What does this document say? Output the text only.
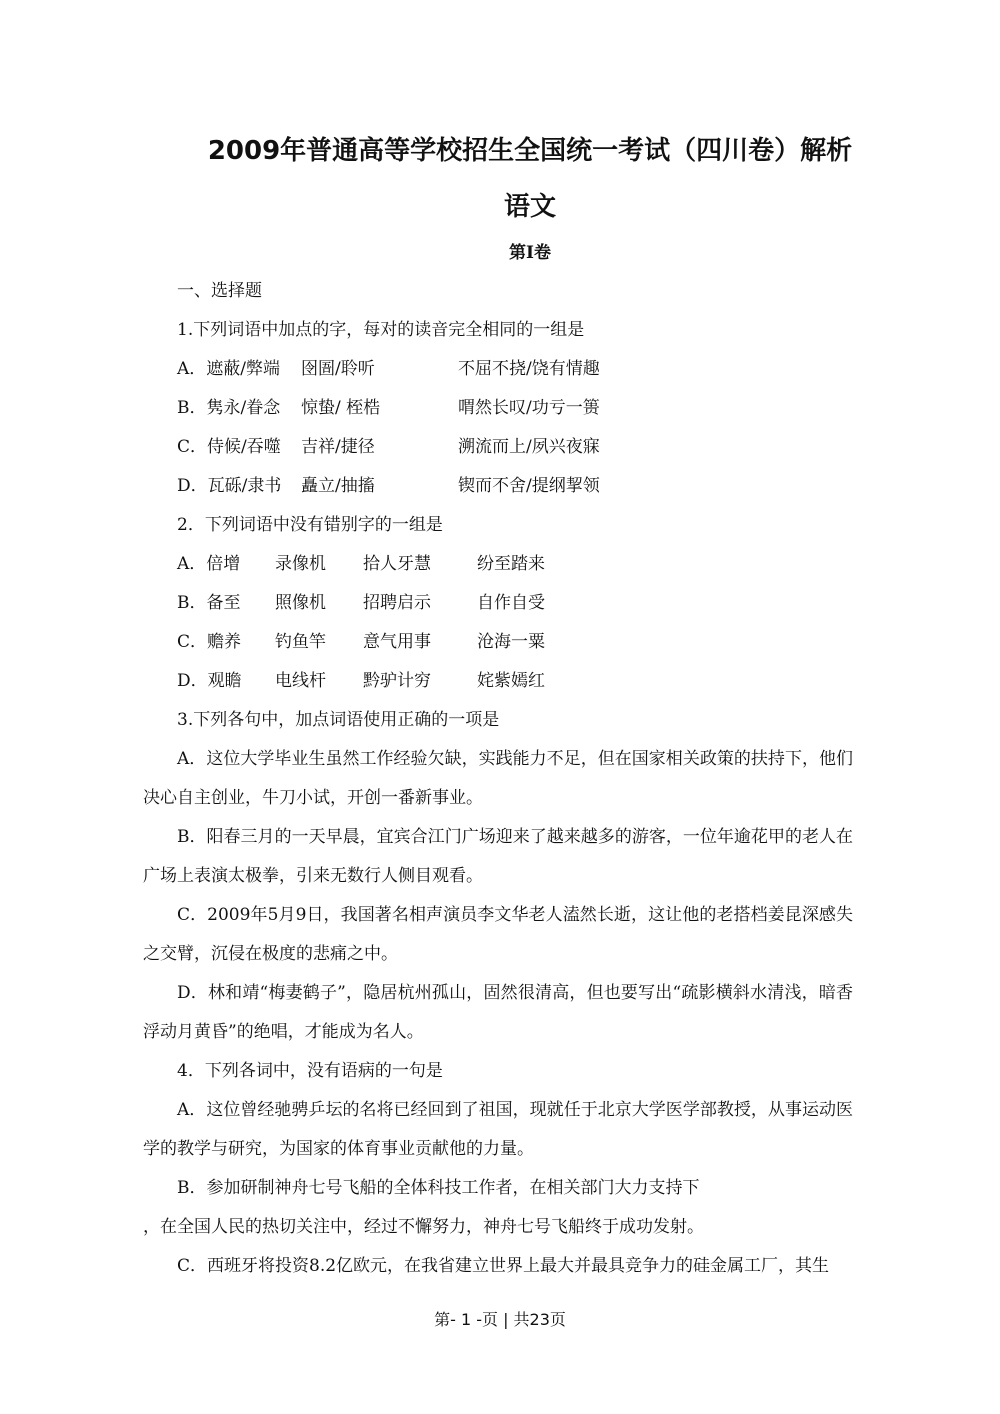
2009年普通高等学校招生全国统一考试（四川卷）解析
语文
第I卷

一、选择题

1.下列词语中加点的字，每对的读音完全相同的一组是

A．遮蔽/弊端	囹圄/聆听	不屈不挠/饶有情趣
B．隽永/眷念	惊蛰/ 桎梏	喟然长叹/功亏一篑
C．侍候/吞噬	吉祥/捷径	溯流而上/夙兴夜寐
D．瓦砾/隶书	矗立/抽搐	锲而不舍/提纲挈领

2．下列词语中没有错别字的一组是

A．倍增	录像机	拾人牙慧	纷至踏来
B．备至	照像机	招聘启示	自作自受
C．赡养	钓鱼竿	意气用事	沧海一粟
D．观瞻	电线杆	黔驴计穷	姹紫嫣红

3.下列各句中，加点词语使用正确的一项是

A．这位大学毕业生虽然工作经验欠缺，实践能力不足，但在国家相关政策的扶持下，他们决心自主创业，牛刀小试，开创一番新事业。

B．阳春三月的一天早晨，宜宾合江门广场迎来了越来越多的游客，一位年逾花甲的老人在广场上表演太极拳，引来无数行人侧目观看。

C．2009年5月9日，我国著名相声演员李文华老人溘然长逝，这让他的老搭档姜昆深感失之交臂，沉侵在极度的悲痛之中。

D．林和靖“梅妻鹤子”，隐居杭州孤山，固然很清高，但也要写出“疏影横斜水清浅，暗香浮动月黄昏”的绝唱，才能成为名人。

4．下列各词中，没有语病的一句是

A．这位曾经驰骋乒坛的名将已经回到了祖国，现就任于北京大学医学部教授，从事运动医学的教学与研究，为国家的体育事业贡献他的力量。

B．参加研制神舟七号飞船的全体科技工作者，在相关部门大力支持下

，在全国人民的热切关注中，经过不懈努力，神舟七号飞船终于成功发射。

C．西班牙将投资8.2亿欧元，在我省建立世界上最大并最具竞争力的硅金属工厂，其生

第- 1 -页 | 共23页
